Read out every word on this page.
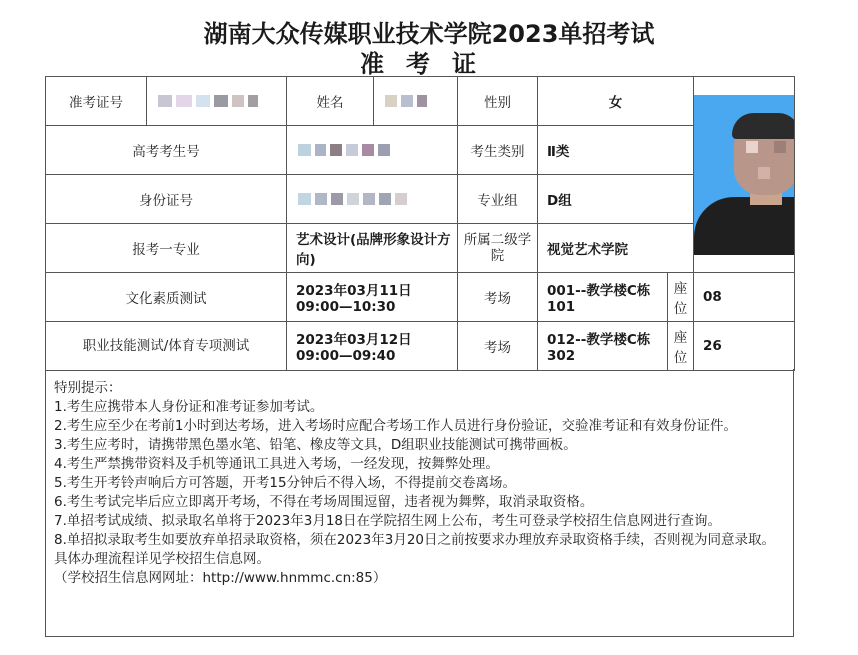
湖南大众传媒职业技术学院2023单招考试
准考证
准考证号		姓名		性别	女		

高考考生号				考生类别	Ⅱ类		
身份证号				专业组	D组		
报考一专业		艺术设计(品牌形象设计方向)		所属二级学院	视觉艺术学院		
文化素质测试		2023年03月11日09:00—10:30		考场	001--教学楼C栋101	座位	08
职业技能测试/体育专项测试		2023年03月12日09:00—09:40		考场	012--教学楼C栋302	座位	26

特别提示：

1.考生应携带本人身份证和准考证参加考试。

2.考生应至少在考前1小时到达考场，进入考场时应配合考场工作人员进行身份验证，交验准考证和有效身份证件。

3.考生应考时，请携带黑色墨水笔、铅笔、橡皮等文具，D组职业技能测试可携带画板。

4.考生严禁携带资料及手机等通讯工具进入考场，一经发现，按舞弊处理。

5.考生开考铃声响后方可答题，开考15分钟后不得入场，不得提前交卷离场。

6.考生考试完毕后应立即离开考场，不得在考场周围逗留，违者视为舞弊，取消录取资格。

7.单招考试成绩、拟录取名单将于2023年3月18日在学院招生网上公布，考生可登录学校招生信息网进行查询。

8.单招拟录取考生如要放弃单招录取资格，须在2023年3月20日之前按要求办理放弃录取资格手续，否则视为同意录取。具体办理流程详见学校招生信息网。

（学校招生信息网网址：http://www.hnmmc.cn:85）
